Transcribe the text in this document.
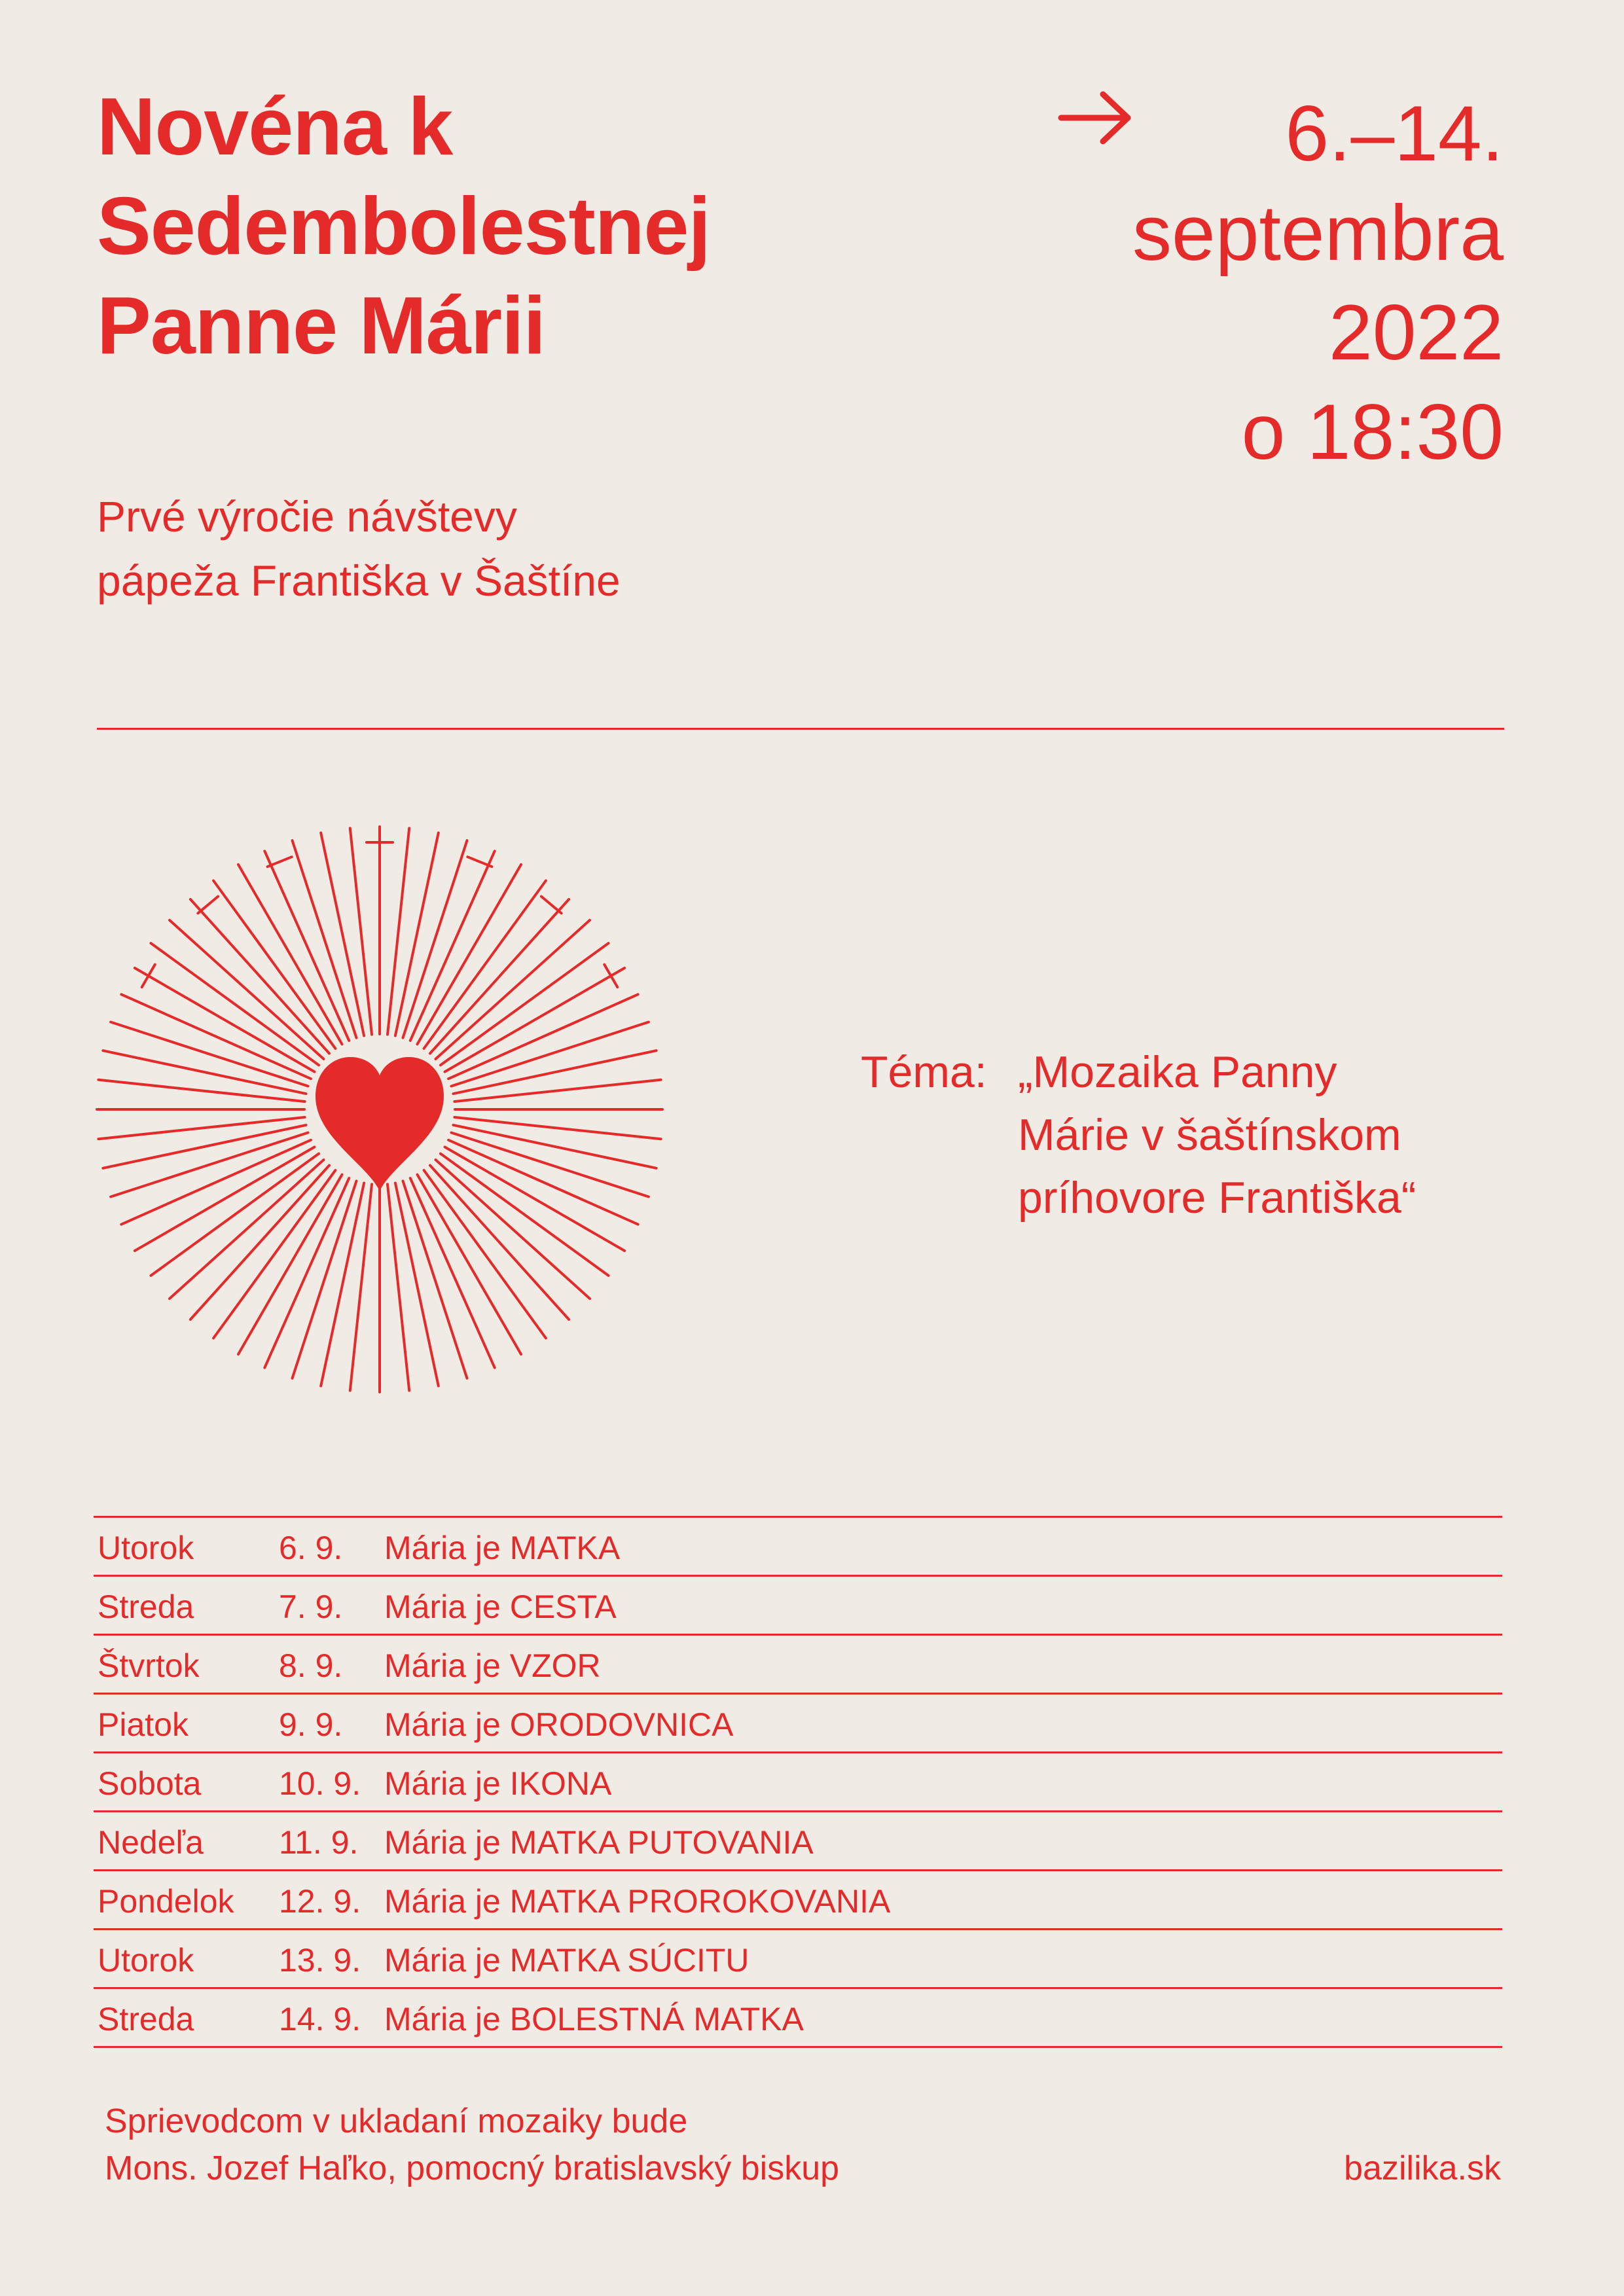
Novéna k
Sedembolestnej
Panne Márii
6.–14.
septembra
2022
o 18:30
Prvé výročie návštevy
pápeža Františka v Šaštíne
Téma: „Mozaika Panny
Márie v šaštínskom
príhovore Františka“
Utorok	6. 9. Mária je MATKA
Streda	7. 9. Mária je CESTA
Štvrtok 8. 9. Mária je VZOR
Piatok	9. 9. Mária je ORODOVNICA
Sobota 10. 9. Mária je IKONA
Nedeľa 11. 9. Mária je MATKA PUTOVANIA
Pondelok 12. 9. Mária je MATKA PROROKOVANIA
Utorok	13. 9. Mária je MATKA SÚCITU
Streda	14. 9. Mária je BOLESTNÁ MATKA
Sprievodcom v ukladaní mozaiky bude
Mons. Jozef Haľko, pomocný bratislavský biskup	bazilika.sk
